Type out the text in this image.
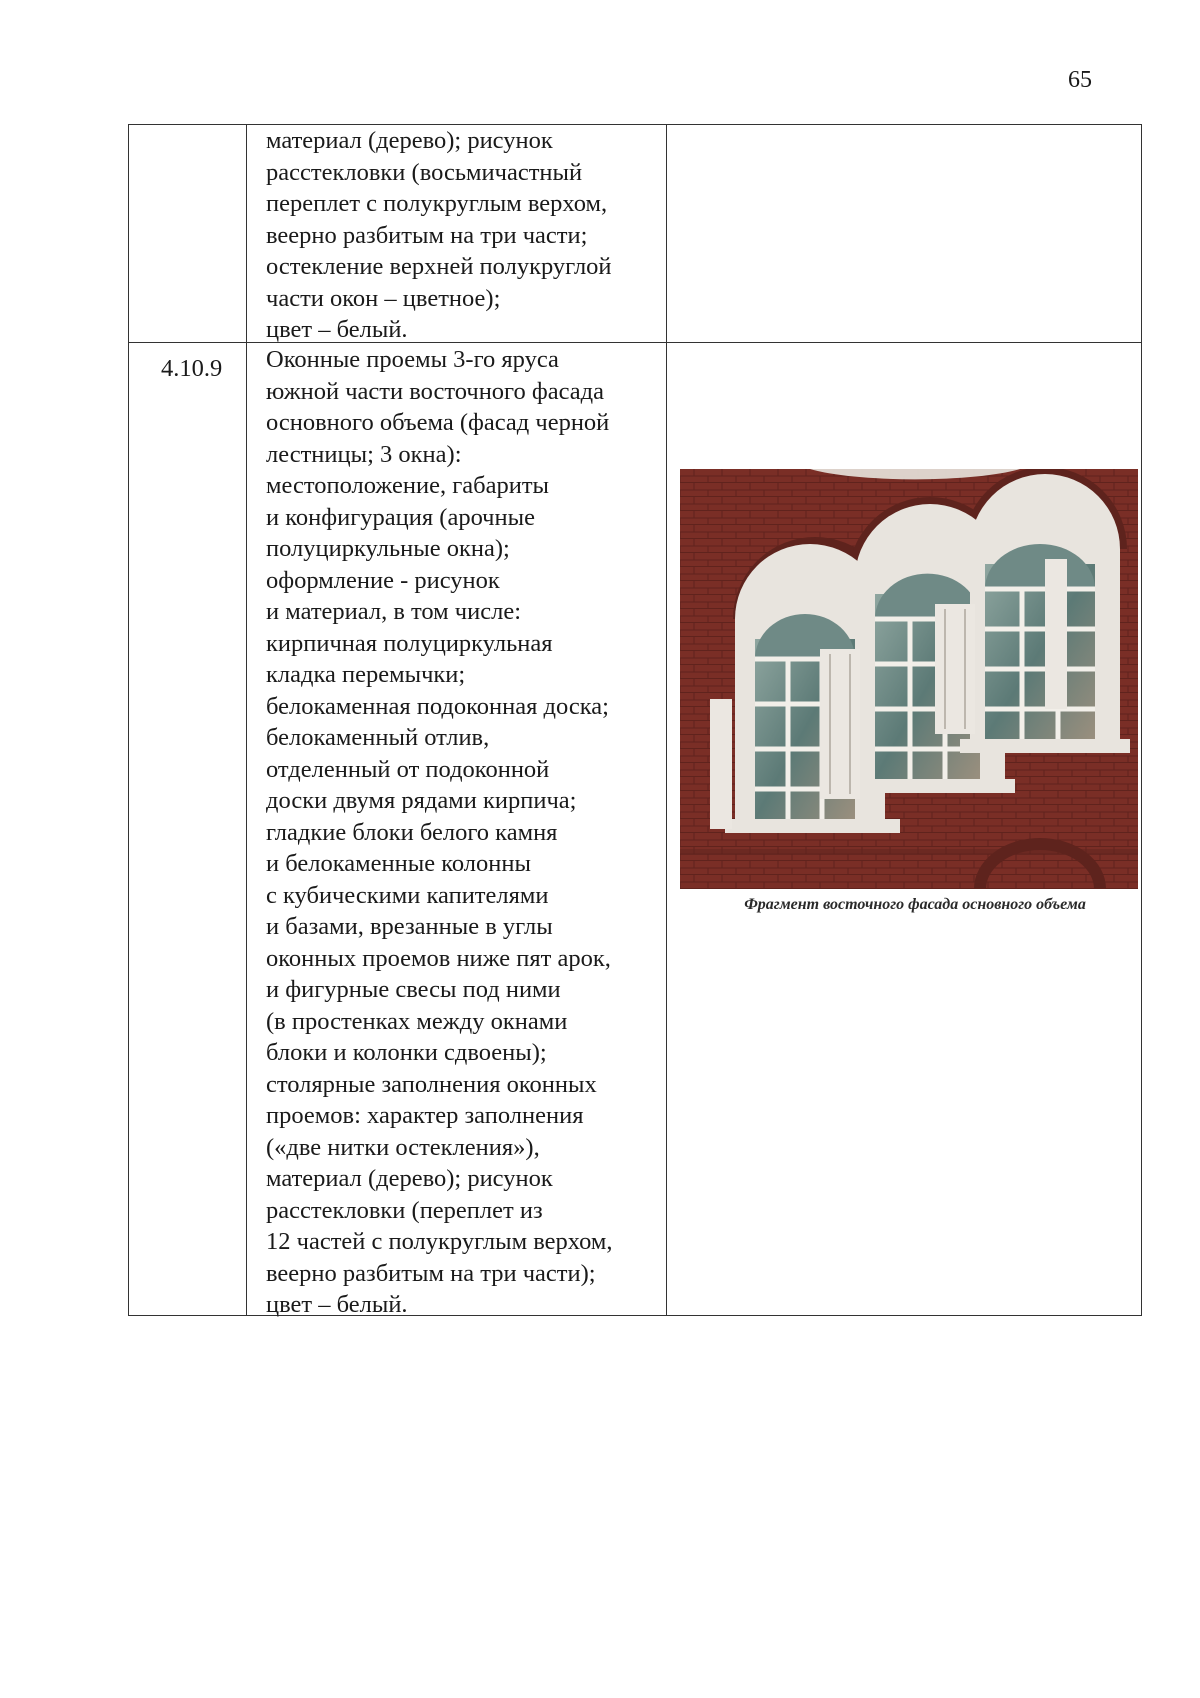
65
материал (дерево); рисунок
расстекловки (восьмичастный
переплет с полукруглым верхом,
веерно разбитым на три части;
остекление верхней полукруглой
части окон – цветное);
цвет – белый.
4.10.9 Оконные проемы 3-го яруса
южной части восточного фасада
основного объема (фасад черной
лестницы; 3 окна):
местоположение, габариты
и конфигурация (арочные
полуциркульные окна);
оформление - рисунок
и материал, в том числе:
кирпичная полуциркульная
кладка перемычки;
белокаменная подоконная доска;
белокаменный отлив,
отделенный от подоконной
доски двумя рядами кирпича;
гладкие блоки белого камня
и белокаменные колонны
с кубическими капителями
и базами, врезанные в углы
оконных проемов ниже пят арок,
и фигурные свесы под ними
(в простенках между окнами
блоки и колонки сдвоены);
столярные заполнения оконных
проемов: характер заполнения
(«две нитки остекления»),
материал (дерево); рисунок
расстекловки (переплет из
12 частей с полукруглым верхом,
веерно разбитым на три части);
цвет – белый.
Фрагмент восточного фасада основного объема
